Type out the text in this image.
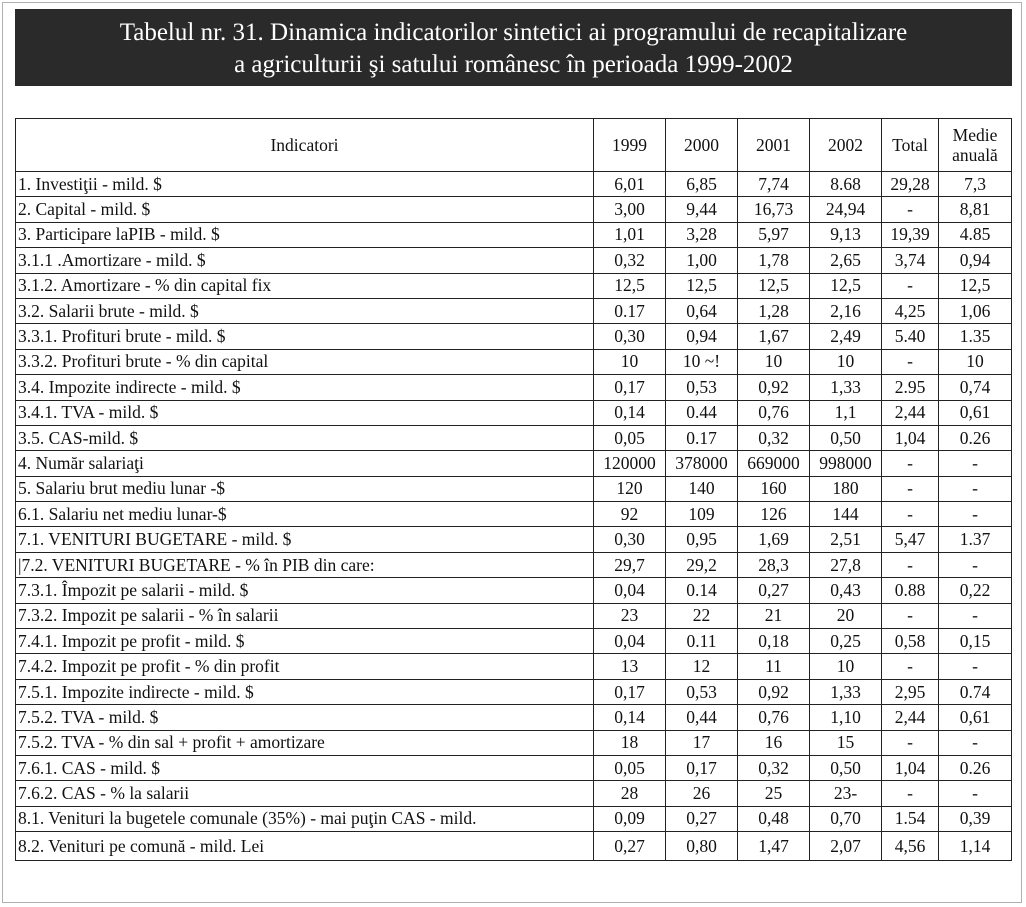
Tabelul nr. 31. Dinamica indicatorilor sintetici ai programului de recapitalizare
a agriculturii şi satului românesc în perioada 1999-2002
Indicatori	1999	2000	2001	2002	Total	Medie
anuală

1. Investiţii - mild. $	6,01	6,85	7,74	8.68	29,28	7,3
2. Capital - mild. $	3,00	9,44	16,73	24,94	-	8,81
3. Participare laPIB - mild. $	1,01	3,28	5,97	9,13	19,39	4.85
3.1.1 .Amortizare - mild. $	0,32	1,00	1,78	2,65	3,74	0,94
3.1.2. Amortizare - % din capital fix	12,5	12,5	12,5	12,5	-	12,5
3.2. Salarii brute - mild. $	0.17	0,64	1,28	2,16	4,25	1,06
3.3.1. Profituri brute - mild. $	0,30	0,94	1,67	2,49	5.40	1.35
3.3.2. Profituri brute - % din capital	10	10 ~!	10	10	-	10
3.4. Impozite indirecte - mild. $	0,17	0,53	0,92	1,33	2.95	0,74
3.4.1. TVA - mild. $	0,14	0.44	0,76	1,1	2,44	0,61
3.5. CAS-mild. $	0,05	0.17	0,32	0,50	1,04	0.26
4. Număr salariaţi	120000	378000	669000	998000	-	-
5. Salariu brut mediu lunar -$	120	140	160	180	-	-
6.1. Salariu net mediu lunar-$	92	109	126	144	-	-
7.1. VENITURI BUGETARE - mild. $	0,30	0,95	1,69	2,51	5,47	1.37
|7.2. VENITURI BUGETARE - % în PIB din care:	29,7	29,2	28,3	27,8	-	-
7.3.1. Împozit pe salarii - mild. $	0,04	0.14	0,27	0,43	0.88	0,22
7.3.2. Impozit pe salarii - % în salarii	23	22	21	20	-	-
7.4.1. Impozit pe profit - mild. $	0,04	0.11	0,18	0,25	0,58	0,15
7.4.2. Impozit pe profit - % din profit	13	12	11	10	-	-
7.5.1. Impozite indirecte - mild. $	0,17	0,53	0,92	1,33	2,95	0.74
7.5.2. TVA - mild. $	0,14	0,44	0,76	1,10	2,44	0,61
7.5.2. TVA - % din sal + profit + amortizare	18	17	16	15	-	-
7.6.1. CAS - mild. $	0,05	0,17	0,32	0,50	1,04	0.26
7.6.2. CAS - % la salarii	28	26	25	23-	-	-
8.1. Venituri la bugetele comunale (35%) - mai puţin CAS - mild.	0,09	0,27	0,48	0,70	1.54	0,39
8.2. Venituri pe comună - mild. Lei	0,27	0,80	1,47	2,07	4,56	1,14
